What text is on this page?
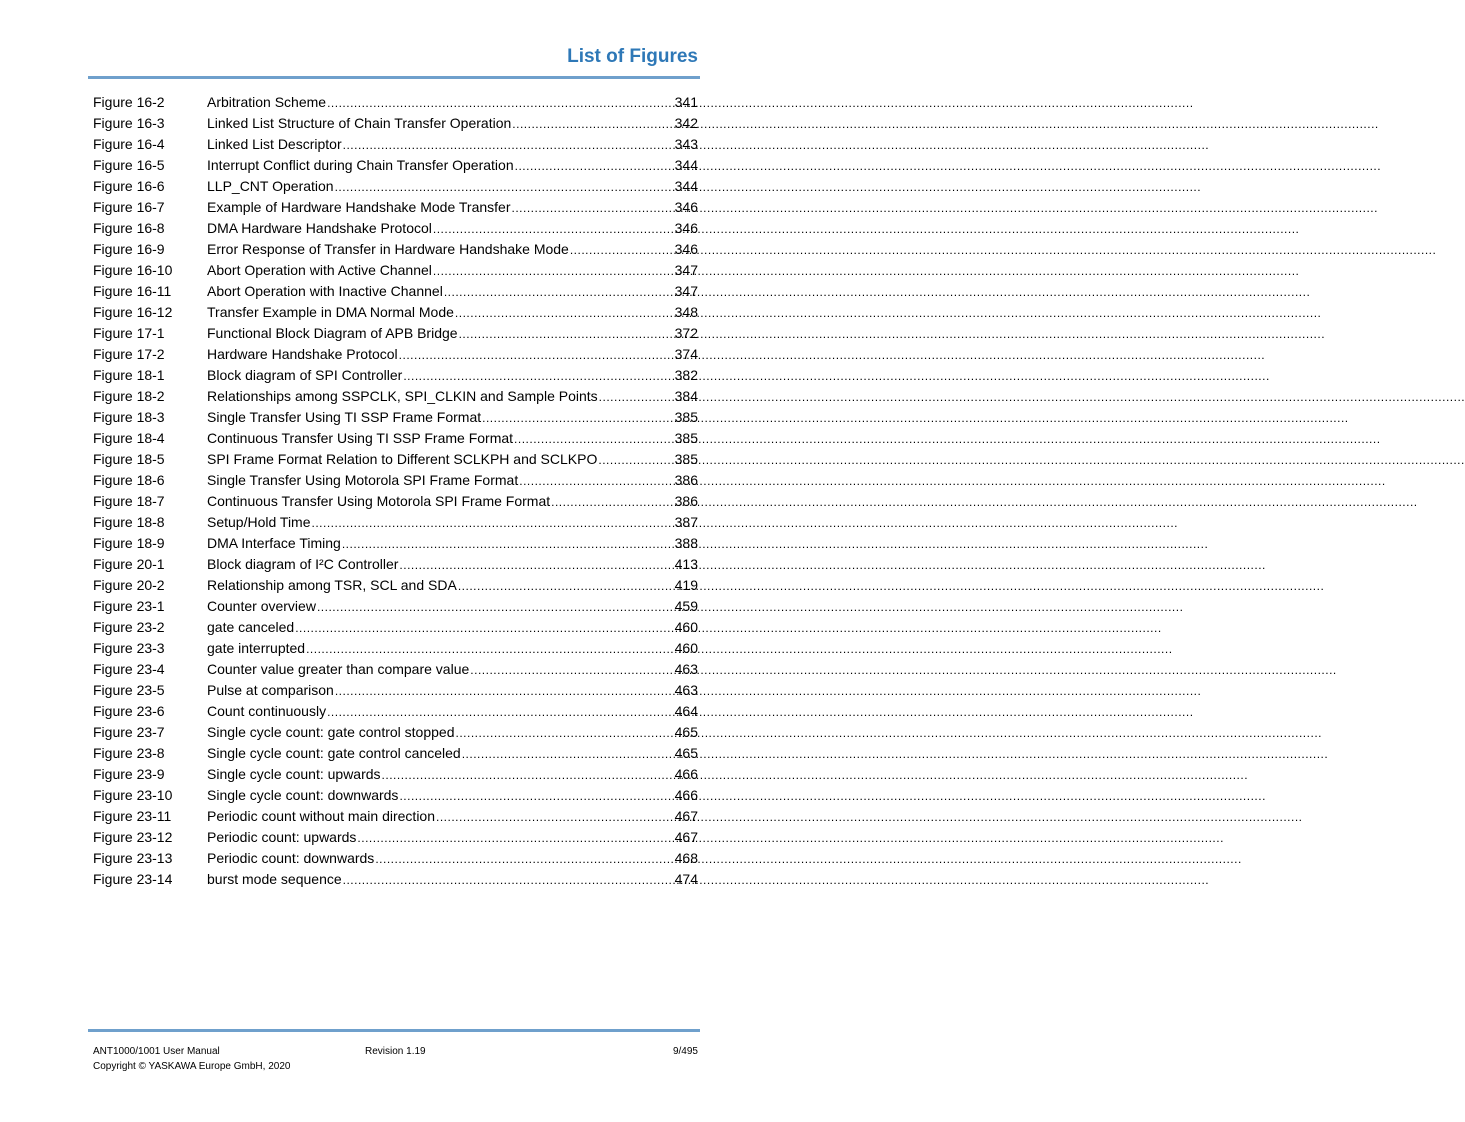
List of Figures
Figure 16-2	Arbitration Scheme .....	341
Figure 16-3	Linked List Structure of Chain Transfer Operation .....	342
Figure 16-4	Linked List Descriptor .....	343
Figure 16-5	Interrupt Conflict during Chain Transfer Operation .....	344
Figure 16-6	LLP_CNT Operation .....	344
Figure 16-7	Example of Hardware Handshake Mode Transfer .....	346
Figure 16-8	DMA Hardware Handshake Protocol .....	346
Figure 16-9	Error Response of Transfer in Hardware Handshake Mode .....	346
Figure 16-10	Abort Operation with Active Channel .....	347
Figure 16-11	Abort Operation with Inactive Channel .....	347
Figure 16-12	Transfer Example in DMA Normal Mode .....	348
Figure 17-1	Functional Block Diagram of APB Bridge .....	372
Figure 17-2	Hardware Handshake Protocol .....	374
Figure 18-1	Block diagram of SPI Controller .....	382
Figure 18-2	Relationships among SSPCLK, SPI_CLKIN and Sample Points .....	384
Figure 18-3	Single Transfer Using TI SSP Frame Format .....	385
Figure 18-4	Continuous Transfer Using TI SSP Frame Format .....	385
Figure 18-5	SPI Frame Format Relation to Different SCLKPH and SCLKPO .....	385
Figure 18-6	Single Transfer Using Motorola SPI Frame Format .....	386
Figure 18-7	Continuous Transfer Using Motorola SPI Frame Format .....	386
Figure 18-8	Setup/Hold Time .....	387
Figure 18-9	DMA Interface Timing .....	388
Figure 20-1	Block diagram of I²C Controller .....	413
Figure 20-2	Relationship among TSR, SCL and SDA .....	419
Figure 23-1	Counter overview .....	459
Figure 23-2	gate canceled .....	460
Figure 23-3	gate interrupted .....	460
Figure 23-4	Counter value greater than compare value .....	463
Figure 23-5	Pulse at comparison .....	463
Figure 23-6	Count continuously .....	464
Figure 23-7	Single cycle count: gate control stopped .....	465
Figure 23-8	Single cycle count: gate control canceled .....	465
Figure 23-9	Single cycle count: upwards .....	466
Figure 23-10	Single cycle count: downwards .....	466
Figure 23-11	Periodic count without main direction .....	467
Figure 23-12	Periodic count: upwards .....	467
Figure 23-13	Periodic count: downwards .....	468
Figure 23-14	burst mode sequence .....	474
ANT1000/1001 User Manual	Revision 1.19	9/495
Copyright © YASKAWA Europe GmbH, 2020
